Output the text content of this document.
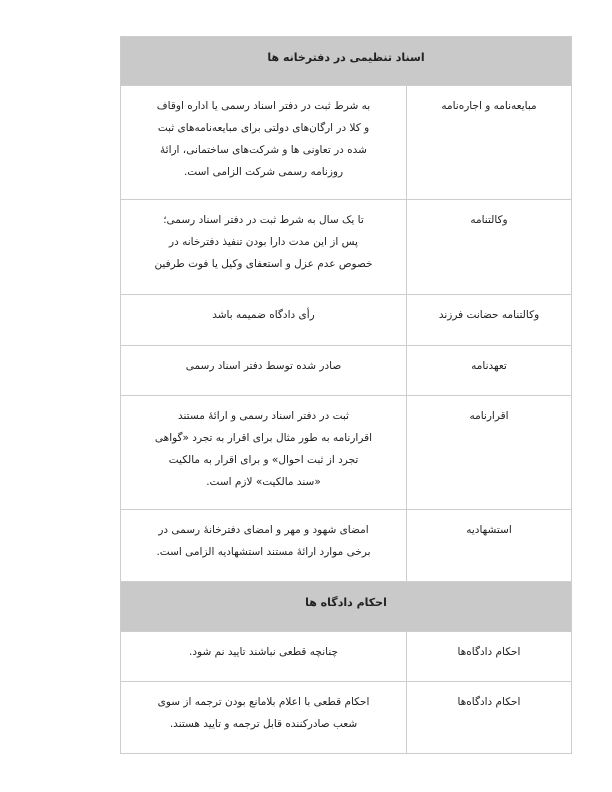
اسناد تنظیمی در دفترخانه ها	
مبایعه‌نامه و اجاره‌نامه	به شرط ثبت در دفتر اسناد رسمی یا اداره اوقاف
و کلا در ارگان‌های دولتی برای مبایعه‌نامه‌های ثبت
شده در تعاونی ها و شرکت‌های ساختمانی، ارائهٔ
روزنامه رسمی شرکت الزامی است.

وکالتنامه	تا یک سال به شرط ثبت در دفتر اسناد رسمی؛
پس از این مدت دارا بودن تنفیذ دفترخانه در
خصوص عدم عزل و استعفای وکیل یا فوت طرفین

وکالتنامه حضانت فرزند	رأی دادگاه ضمیمه باشد

تعهدنامه	صادر شده توسط دفتر اسناد رسمی

اقرارنامه	ثبت در دفتر اسناد رسمی و ارائهٔ مستند
اقرارنامه به طور مثال برای اقرار به تجرد «گواهی
تجرد از ثبت احوال» و برای اقرار به مالکیت
«سند مالکیت» لازم است.

استشهادیه	امضای شهود و مهر و امضای دفترخانهٔ رسمی در
برخی موارد ارائهٔ مستند استشهادیه الزامی است.

احکام دادگاه ها	
احکام دادگاه‌ها	چنانچه قطعی نباشند تایید نم شود.

احکام دادگاه‌ها	احکام قطعی با اعلام بلامانع بودن ترجمه از سوی
شعب صادرکننده قابل ترجمه و تایید هستند.
